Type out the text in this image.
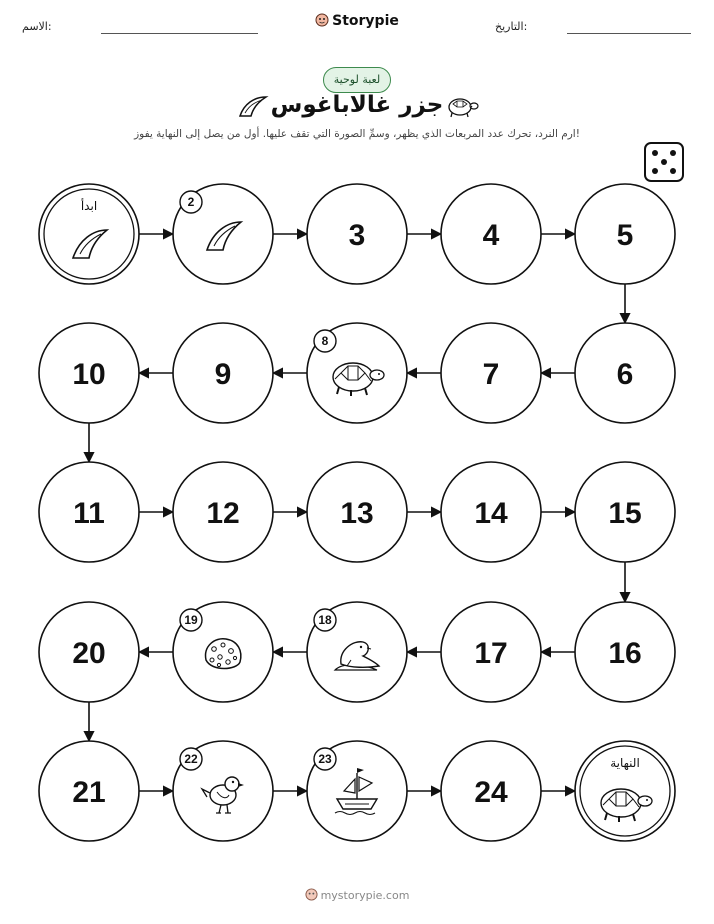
الاسم:	Storypie	التاريخ:
لعبة لوحية
جزر غالاباغوس
ارم النرد، تحرك عدد المربعات الذي يظهر، وسمِّ الصورة التي تقف عليها. أول من يصل إلى النهاية يفوز!
ابدأ	2
3	4	5
6
7
8
9
10
11	12	13	14	15
16
17
18
19
20
21
22	23
24
النهاية
mystorypie.com
